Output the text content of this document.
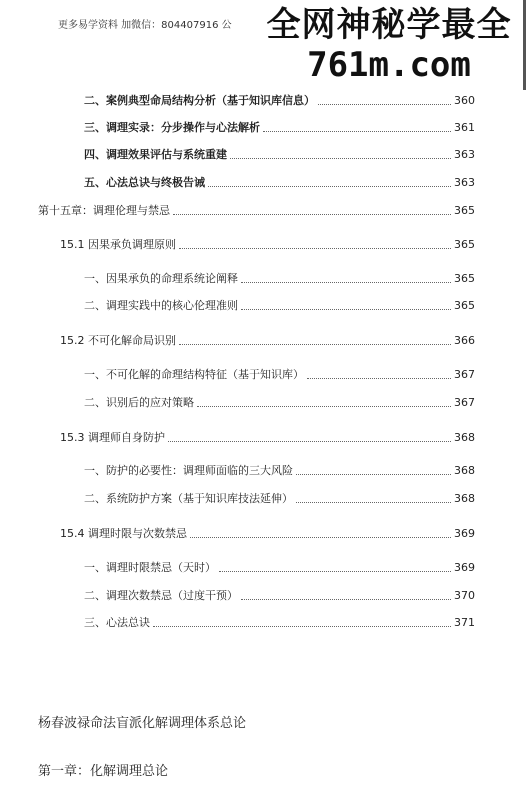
更多易学资料 加微信：804407916 公 全网神秘学最全
761m.com
二、案例典型命局结构分析（基于知识库信息）	360
三、调理实录：分步操作与心法解析	361
四、调理效果评估与系统重建	363
五、心法总诀与终极告诫	363
第十五章：调理伦理与禁忌	365
15.1 因果承负调理原则	365
一、因果承负的命理系统论阐释	365
二、调理实践中的核心伦理准则	365
15.2 不可化解命局识别	366
一、不可化解的命理结构特征（基于知识库）	367
二、识别后的应对策略	367
15.3 调理师自身防护	368
一、防护的必要性：调理师面临的三大风险	368
二、系统防护方案（基于知识库技法延伸）	368
15.4 调理时限与次数禁忌	369
一、调理时限禁忌（天时）	369
二、调理次数禁忌（过度干预）	370
三、心法总诀	371
杨春波禄命法盲派化解调理体系总论
第一章：化解调理总论
